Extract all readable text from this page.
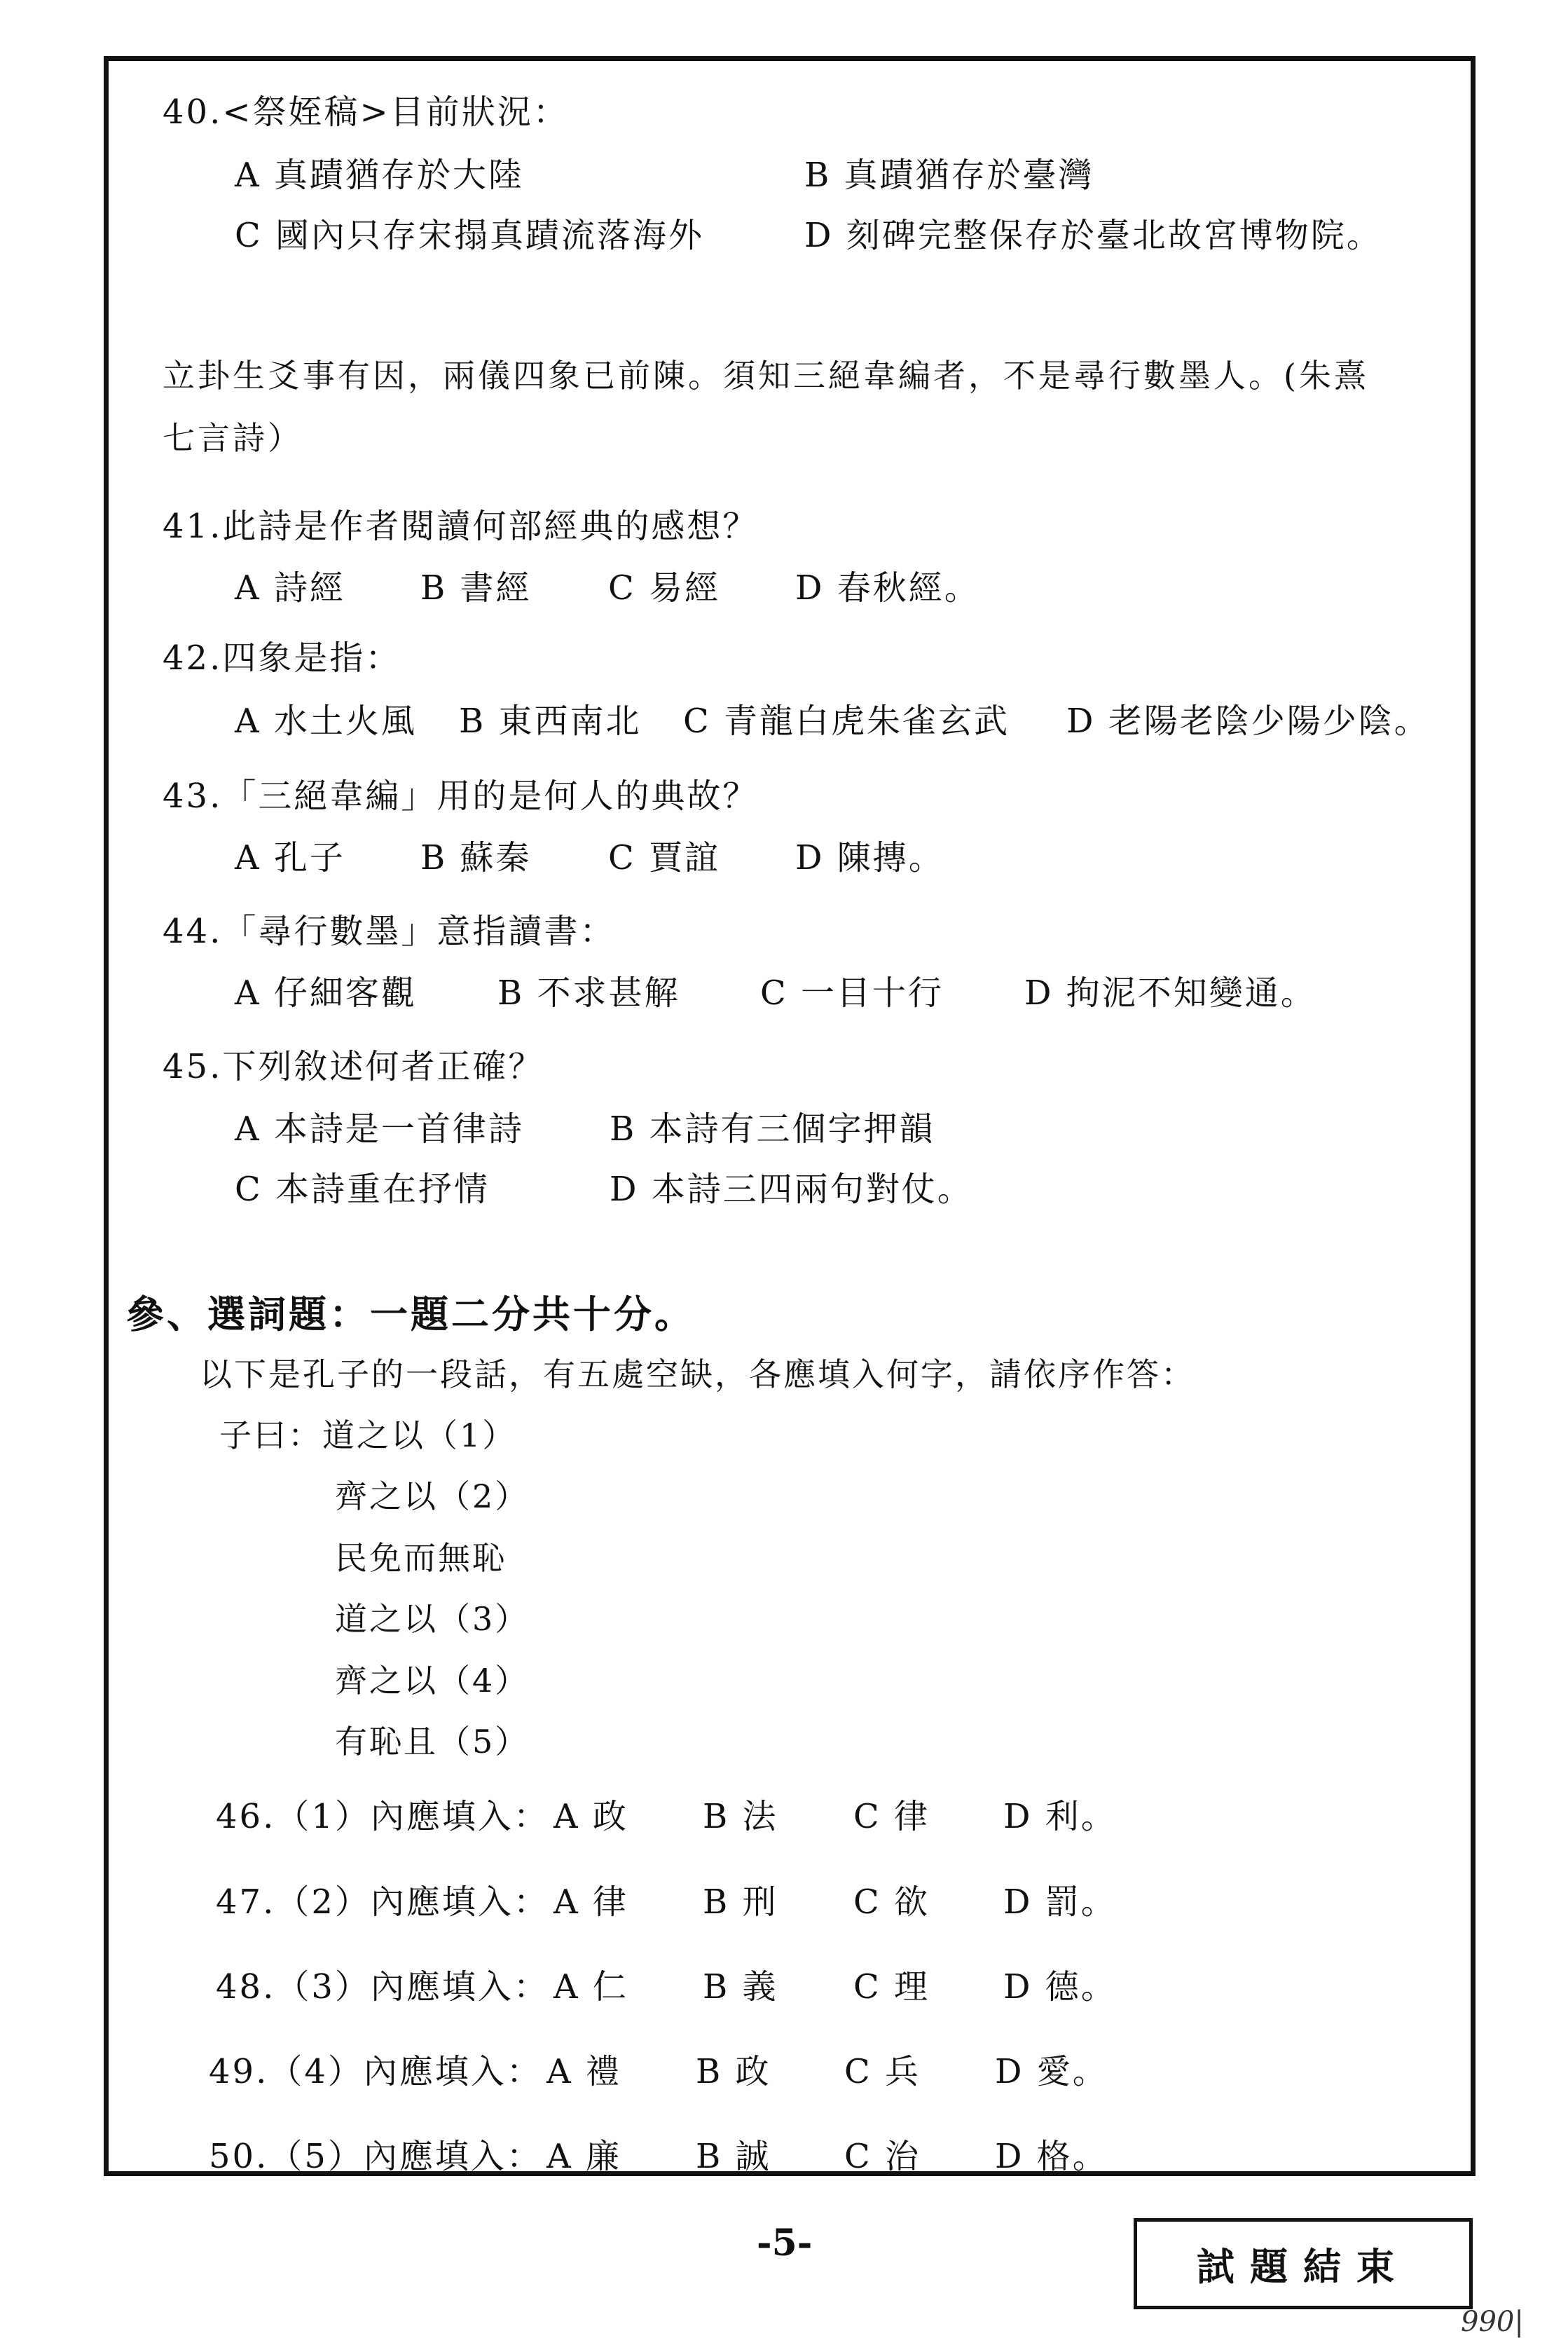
40.<祭姪稿>目前狀況：
A 真蹟猶存於大陸	B 真蹟猶存於臺灣
C 國內只存宋搨真蹟流落海外	D 刻碑完整保存於臺北故宮博物院。
立卦生爻事有因，兩儀四象已前陳。須知三絕韋編者，不是尋行數墨人。(朱熹
七言詩）
41.此詩是作者閱讀何部經典的感想？
A 詩經 B 書經 C 易經 D 春秋經。
42.四象是指：
A 水土火風 B 東西南北 C 青龍白虎朱雀玄武 D 老陽老陰少陽少陰。
43.「三絕韋編」用的是何人的典故？
A 孔子 B 蘇秦 C 賈誼 D 陳摶。
44.「尋行數墨」意指讀書：
A 仔細客觀 B 不求甚解 C 一目十行 D 拘泥不知變通。
45.下列敘述何者正確？
A 本詩是一首律詩	B 本詩有三個字押韻
C 本詩重在抒情	D 本詩三四兩句對仗。
參、選詞題：一題二分共十分。
以下是孔子的一段話，有五處空缺，各應填入何字，請依序作答：
子曰：道之以（1）
齊之以（2）
民免而無恥
道之以（3）
齊之以（4）
有恥且（5）
46.（1）內應填入： A 政 B 法 C 律 D 利。
47.（2）內應填入： A 律 B 刑 C 欲 D 罰。
48.（3）內應填入： A 仁 B 義 C 理 D 德。
49.（4）內應填入： A 禮 B 政 C 兵 D 愛。
50.（5）內應填入： A 廉 B 誠 C 治 D 格。
-5-
試題結束
990|
